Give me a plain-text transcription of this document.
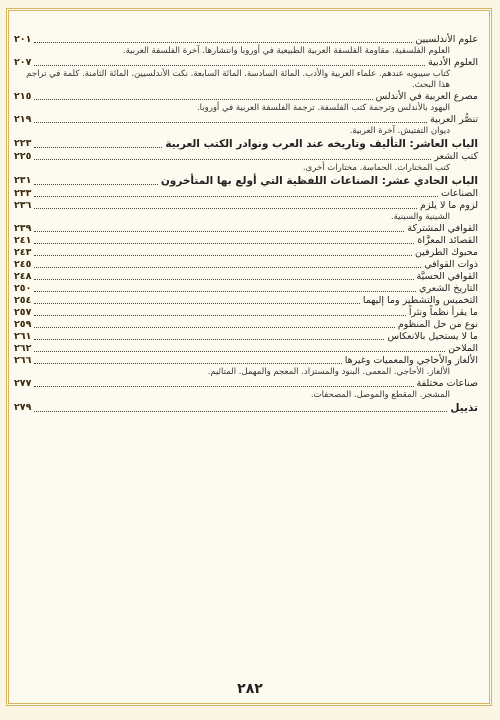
علوم الأندلسيين
٢٠١
العلوم الفلسفية. مقاومة الفلسفة العربية الطبيعية في أوروبا وانتشارها. آخرة الفلسفة العربية.
العلوم الأدبية
٢٠٧
كتاب سيبويه عندهم. علماء العربية والأدب. المائة السادسة. المائة السابعة. نكت الأندلسيين. المائة الثامنة. كلمة في تراجم هذا البحث.
مصرع العربية في الأندلس
٢١٥
اليهود بالأندلس وترجمة كتب الفلسفة. ترجمة الفلسفة العربية في أوروبا.
تنصُّر العربية
٢١٩
ديوان التفتيش. آخرة العربية.
الباب العاشر: التأليف وتاريخه عند العرب ونوادر الكتب العربية
٢٢٣
كتب الشعر
٢٢٥
كتب المختارات. الحماسة. مختارات أخرى.
الباب الحادي عشر: الصناعات اللفظية التي أولع بها المتأخرون
٢٣١
الصناعات
٢٣٣
لزوم ما لا يلزم
٢٣٦
الشينية والسينية.
القوافي المشتركة
٢٣٩
القصائد المعزَّاة
٢٤١
محبوك الطرفين
٢٤٣
ذوات القوافي
٢٤٥
القوافي الحسيَّة
٢٤٨
التاريخ الشعري
٢٥٠
التخميس والتشطير وما إليهما
٢٥٤
ما يقرأ نظماً ونثراً
٢٥٧
نوع من حل المنظوم
٢٥٩
ما لا يستحيل بالانعكاس
٢٦١
الملاحن
٢٦٢
الألغاز والأحاجي والمعميات وغيرها
٢٦٦
الألغاز. الأحاجي. المعمى. البنود والمستزاد. المعجم والمهمل. المتائيم.
صناعات مختلفة
٢٧٧
المشجر. المقطع والموصل. المصحفات.
تذييل
٢٧٩
٢٨٢
